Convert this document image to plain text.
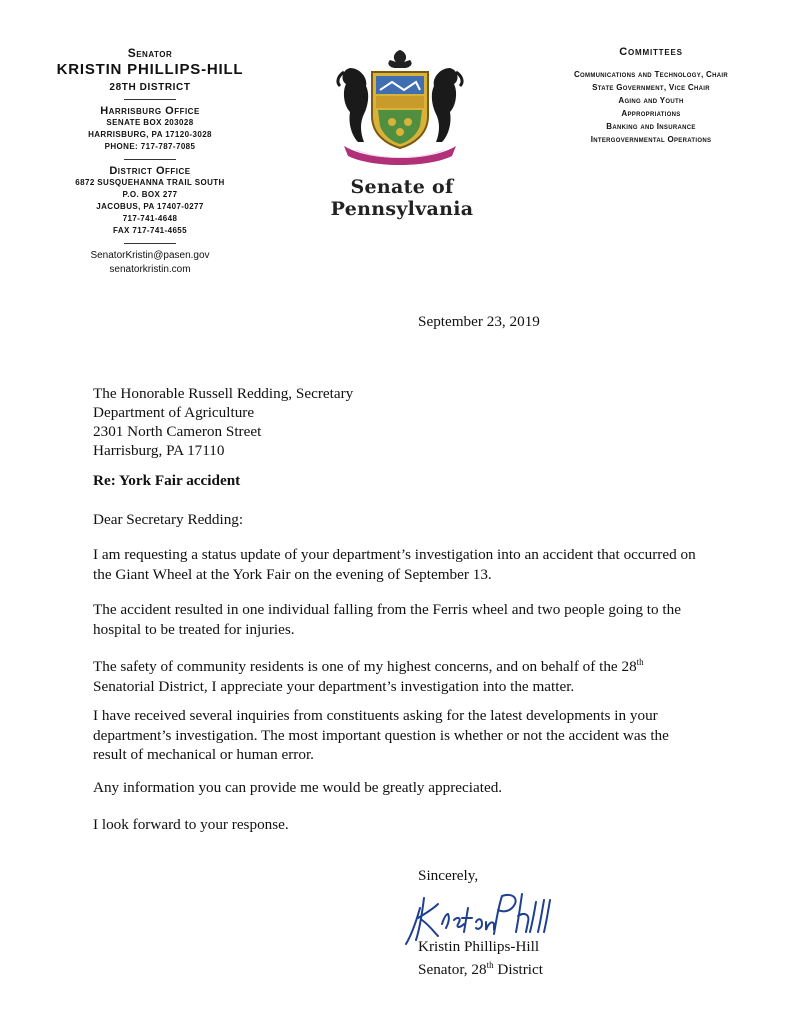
Senator
KRISTIN PHILLIPS-HILL
28TH DISTRICT
Harrisburg Office
SENATE BOX 203028
HARRISBURG, PA 17120-3028
PHONE: 717-787-7085
District Office
6872 SUSQUEHANNA TRAIL SOUTH
P.O. BOX 277
JACOBUS, PA 17407-0277
717-741-4648
FAX 717-741-4655
SenatorKristin@pasen.gov
senatorkristin.com
Senate of Pennsylvania
Committees
Communications and Technology, Chair
State Government, Vice Chair
Aging and Youth
Appropriations
Banking and Insurance
Intergovernmental Operations
September 23, 2019
The Honorable Russell Redding, Secretary
Department of Agriculture
2301 North Cameron Street
Harrisburg, PA 17110
Re: York Fair accident
Dear Secretary Redding:
I am requesting a status update of your department’s investigation into an accident that occurred on the Giant Wheel at the York Fair on the evening of September 13.
The accident resulted in one individual falling from the Ferris wheel and two people going to the hospital to be treated for injuries.
The safety of community residents is one of my highest concerns, and on behalf of the 28th Senatorial District, I appreciate your department’s investigation into the matter.
I have received several inquiries from constituents asking for the latest developments in your department’s investigation. The most important question is whether or not the accident was the result of mechanical or human error.
Any information you can provide me would be greatly appreciated.
I look forward to your response.
Sincerely,
Kristin Phillips-Hill
Senator, 28th District
